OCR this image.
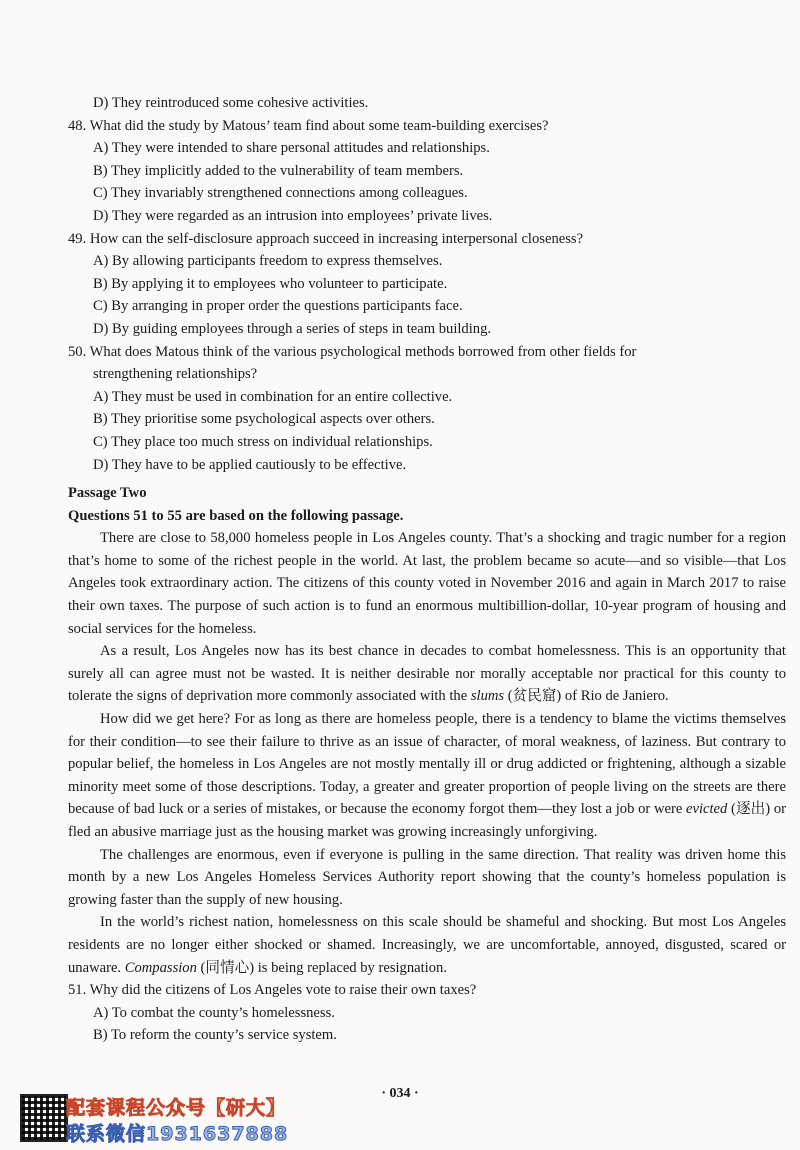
D) They reintroduced some cohesive activities.
48. What did the study by Matous’ team find about some team-building exercises?
A) They were intended to share personal attitudes and relationships.
B) They implicitly added to the vulnerability of team members.
C) They invariably strengthened connections among colleagues.
D) They were regarded as an intrusion into employees’ private lives.
49. How can the self-disclosure approach succeed in increasing interpersonal closeness?
A) By allowing participants freedom to express themselves.
B) By applying it to employees who volunteer to participate.
C) By arranging in proper order the questions participants face.
D) By guiding employees through a series of steps in team building.
50. What does Matous think of the various psychological methods borrowed from other fields for
strengthening relationships?
A) They must be used in combination for an entire collective.
B) They prioritise some psychological aspects over others.
C) They place too much stress on individual relationships.
D) They have to be applied cautiously to be effective.
Passage Two
Questions 51 to 55 are based on the following passage.
There are close to 58,000 homeless people in Los Angeles county. That’s a shocking and tragic number for a region that’s home to some of the richest people in the world. At last, the problem became so acute—and so visible—that Los Angeles took extraordinary action. The citizens of this county voted in November 2016 and again in March 2017 to raise their own taxes. The purpose of such action is to fund an enormous multibillion-dollar, 10-year program of housing and social services for the homeless.
As a result, Los Angeles now has its best chance in decades to combat homelessness. This is an opportunity that surely all can agree must not be wasted. It is neither desirable nor morally acceptable nor practical for this county to tolerate the signs of deprivation more commonly associated with the slums (贫民窟) of Rio de Janiero.
How did we get here? For as long as there are homeless people, there is a tendency to blame the victims themselves for their condition—to see their failure to thrive as an issue of character, of moral weakness, of laziness. But contrary to popular belief, the homeless in Los Angeles are not mostly mentally ill or drug addicted or frightening, although a sizable minority meet some of those descriptions. Today, a greater and greater proportion of people living on the streets are there because of bad luck or a series of mistakes, or because the economy forgot them—they lost a job or were evicted (逐出) or fled an abusive marriage just as the housing market was growing increasingly unforgiving.
The challenges are enormous, even if everyone is pulling in the same direction. That reality was driven home this month by a new Los Angeles Homeless Services Authority report showing that the county’s homeless population is growing faster than the supply of new housing.
In the world’s richest nation, homelessness on this scale should be shameful and shocking. But most Los Angeles residents are no longer either shocked or shamed. Increasingly, we are uncomfortable, annoyed, disgusted, scared or unaware. Compassion (同情心) is being replaced by resignation.
51. Why did the citizens of Los Angeles vote to raise their own taxes?
A) To combat the county’s homelessness.
B) To reform the county’s service system.
· 034 ·
配套课程公众号【研大】
联系微信1931637888
